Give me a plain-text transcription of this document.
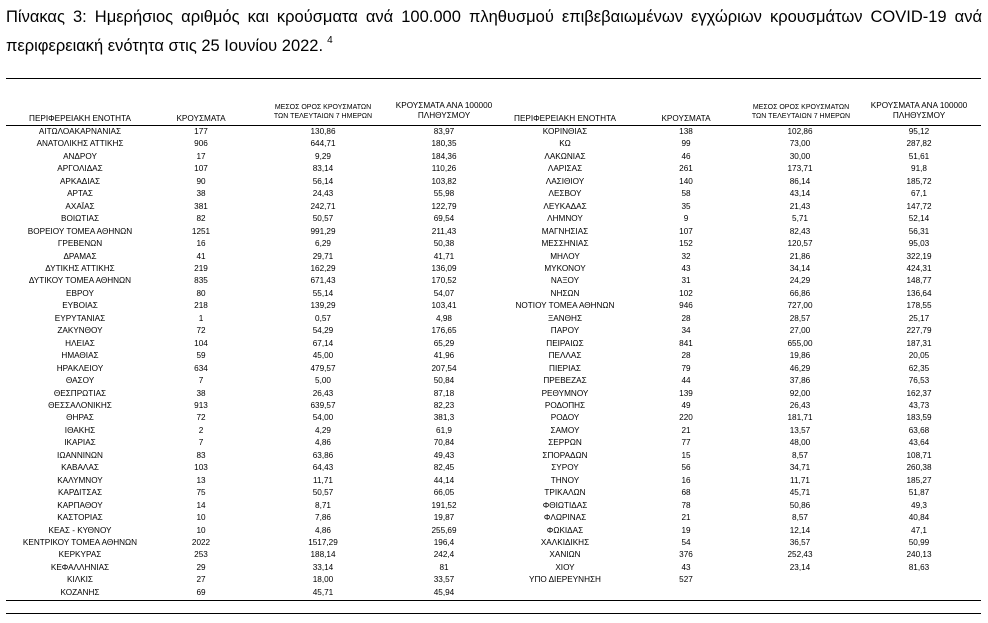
Πίνακας 3: Ημερήσιος αριθμός και κρούσματα ανά 100.000 πληθυσμού επιβεβαιωμένων εγχώριων κρουσμάτων COVID-19 ανά περιφερειακή ενότητα στις 25 Ιουνίου 2022. $^4$
ΠΕΡΙΦΕΡΕΙΑΚΗ ΕΝΟΤΗΤΑ	ΚΡΟΥΣΜΑΤΑ
ΜΕΣΟΣ ΟΡΟΣ ΚΡΟΥΣΜΑΤΩΝ
ΤΩΝ ΤΕΛΕΥΤΑΙΩΝ 7 ΗΜΕΡΩΝ
ΚΡΟΥΣΜΑΤΑ ΑΝΑ 100000
ΠΛΗΘΥΣΜΟΥ	ΠΕΡΙΦΕΡΕΙΑΚΗ ΕΝΟΤΗΤΑ	ΚΡΟΥΣΜΑΤΑ
ΜΕΣΟΣ ΟΡΟΣ ΚΡΟΥΣΜΑΤΩΝ
ΤΩΝ ΤΕΛΕΥΤΑΙΩΝ 7 ΗΜΕΡΩΝ
ΚΡΟΥΣΜΑΤΑ ΑΝΑ 100000
ΠΛΗΘΥΣΜΟΥ
ΑΙΤΩΛΟΑΚΑΡΝΑΝΙΑΣ	177	130,86	83,97
ΑΝΑΤΟΛΙΚΗΣ ΑΤΤΙΚΗΣ	906	644,71	180,35
ΑΝΔΡΟΥ	17	9,29	184,36
ΑΡΓΟΛΙΔΑΣ	107	83,14	110,26
ΑΡΚΑΔΙΑΣ	90	56,14	103,82
ΑΡΤΑΣ	38	24,43	55,98
ΑΧΑΪΑΣ	381	242,71	122,79
ΒΟΙΩΤΙΑΣ	82	50,57	69,54
ΒΟΡΕΙΟΥ ΤΟΜΕΑ ΑΘΗΝΩΝ	1251	991,29	211,43
ΓΡΕΒΕΝΩΝ	16	6,29	50,38
ΔΡΑΜΑΣ	41	29,71	41,71
ΔΥΤΙΚΗΣ ΑΤΤΙΚΗΣ	219	162,29	136,09
ΔΥΤΙΚΟΥ ΤΟΜΕΑ ΑΘΗΝΩΝ	835	671,43	170,52
ΕΒΡΟΥ	80	55,14	54,07
ΕΥΒΟΙΑΣ	218	139,29	103,41
ΕΥΡΥΤΑΝΙΑΣ	1	0,57	4,98
ΖΑΚΥΝΘΟΥ	72	54,29	176,65
ΗΛΕΙΑΣ	104	67,14	65,29
ΗΜΑΘΙΑΣ	59	45,00	41,96
ΗΡΑΚΛΕΙΟΥ	634	479,57	207,54
ΘΑΣΟΥ	7	5,00	50,84
ΘΕΣΠΡΩΤΙΑΣ	38	26,43	87,18
ΘΕΣΣΑΛΟΝΙΚΗΣ	913	639,57	82,23
ΘΗΡΑΣ	72	54,00	381,3
ΙΘΑΚΗΣ	2	4,29	61,9
ΙΚΑΡΙΑΣ	7	4,86	70,84
ΙΩΑΝΝΙΝΩΝ	83	63,86	49,43
ΚΑΒΑΛΑΣ	103	64,43	82,45
ΚΑΛΥΜΝΟΥ	13	11,71	44,14
ΚΑΡΔΙΤΣΑΣ	75	50,57	66,05
ΚΑΡΠΑΘΟΥ	14	8,71	191,52
ΚΑΣΤΟΡΙΑΣ	10	7,86	19,87
ΚΕΑΣ - ΚΥΘΝΟΥ	10	4,86	255,69
ΚΕΝΤΡΙΚΟΥ ΤΟΜΕΑ ΑΘΗΝΩΝ	2022	1517,29	196,4
ΚΕΡΚΥΡΑΣ	253	188,14	242,4
ΚΕΦΑΛΛΗΝΙΑΣ	29	33,14	81
ΚΙΛΚΙΣ	27	18,00	33,57
ΚΟΖΑΝΗΣ	69	45,71	45,94
ΚΟΡΙΝΘΙΑΣ	138	102,86	95,12
ΚΩ	99	73,00	287,82
ΛΑΚΩΝΙΑΣ	46	30,00	51,61
ΛΑΡΙΣΑΣ	261	173,71	91,8
ΛΑΣΙΘΙΟΥ	140	86,14	185,72
ΛΕΣΒΟΥ	58	43,14	67,1
ΛΕΥΚΑΔΑΣ	35	21,43	147,72
ΛΗΜΝΟΥ	9	5,71	52,14
ΜΑΓΝΗΣΙΑΣ	107	82,43	56,31
ΜΕΣΣΗΝΙΑΣ	152	120,57	95,03
ΜΗΛΟΥ	32	21,86	322,19
ΜΥΚΟΝΟΥ	43	34,14	424,31
ΝΑΞΟΥ	31	24,29	148,77
ΝΗΣΩΝ	102	66,86	136,64
ΝΟΤΙΟΥ ΤΟΜΕΑ ΑΘΗΝΩΝ	946	727,00	178,55
ΞΑΝΘΗΣ	28	28,57	25,17
ΠΑΡΟΥ	34	27,00	227,79
ΠΕΙΡΑΙΩΣ	841	655,00	187,31
ΠΕΛΛΑΣ	28	19,86	20,05
ΠΙΕΡΙΑΣ	79	46,29	62,35
ΠΡΕΒΕΖΑΣ	44	37,86	76,53
ΡΕΘΥΜΝΟΥ	139	92,00	162,37
ΡΟΔΟΠΗΣ	49	26,43	43,73
ΡΟΔΟΥ	220	181,71	183,59
ΣΑΜΟΥ	21	13,57	63,68
ΣΕΡΡΩΝ	77	48,00	43,64
ΣΠΟΡΑΔΩΝ	15	8,57	108,71
ΣΥΡΟΥ	56	34,71	260,38
ΤΗΝΟΥ	16	11,71	185,27
ΤΡΙΚΑΛΩΝ	68	45,71	51,87
ΦΘΙΩΤΙΔΑΣ	78	50,86	49,3
ΦΛΩΡΙΝΑΣ	21	8,57	40,84
ΦΩΚΙΔΑΣ	19	12,14	47,1
ΧΑΛΚΙΔΙΚΗΣ	54	36,57	50,99
ΧΑΝΙΩΝ	376	252,43	240,13
ΧΙΟΥ	43	23,14	81,63
ΥΠΟ ΔΙΕΡΕΥΝΗΣΗ	527
